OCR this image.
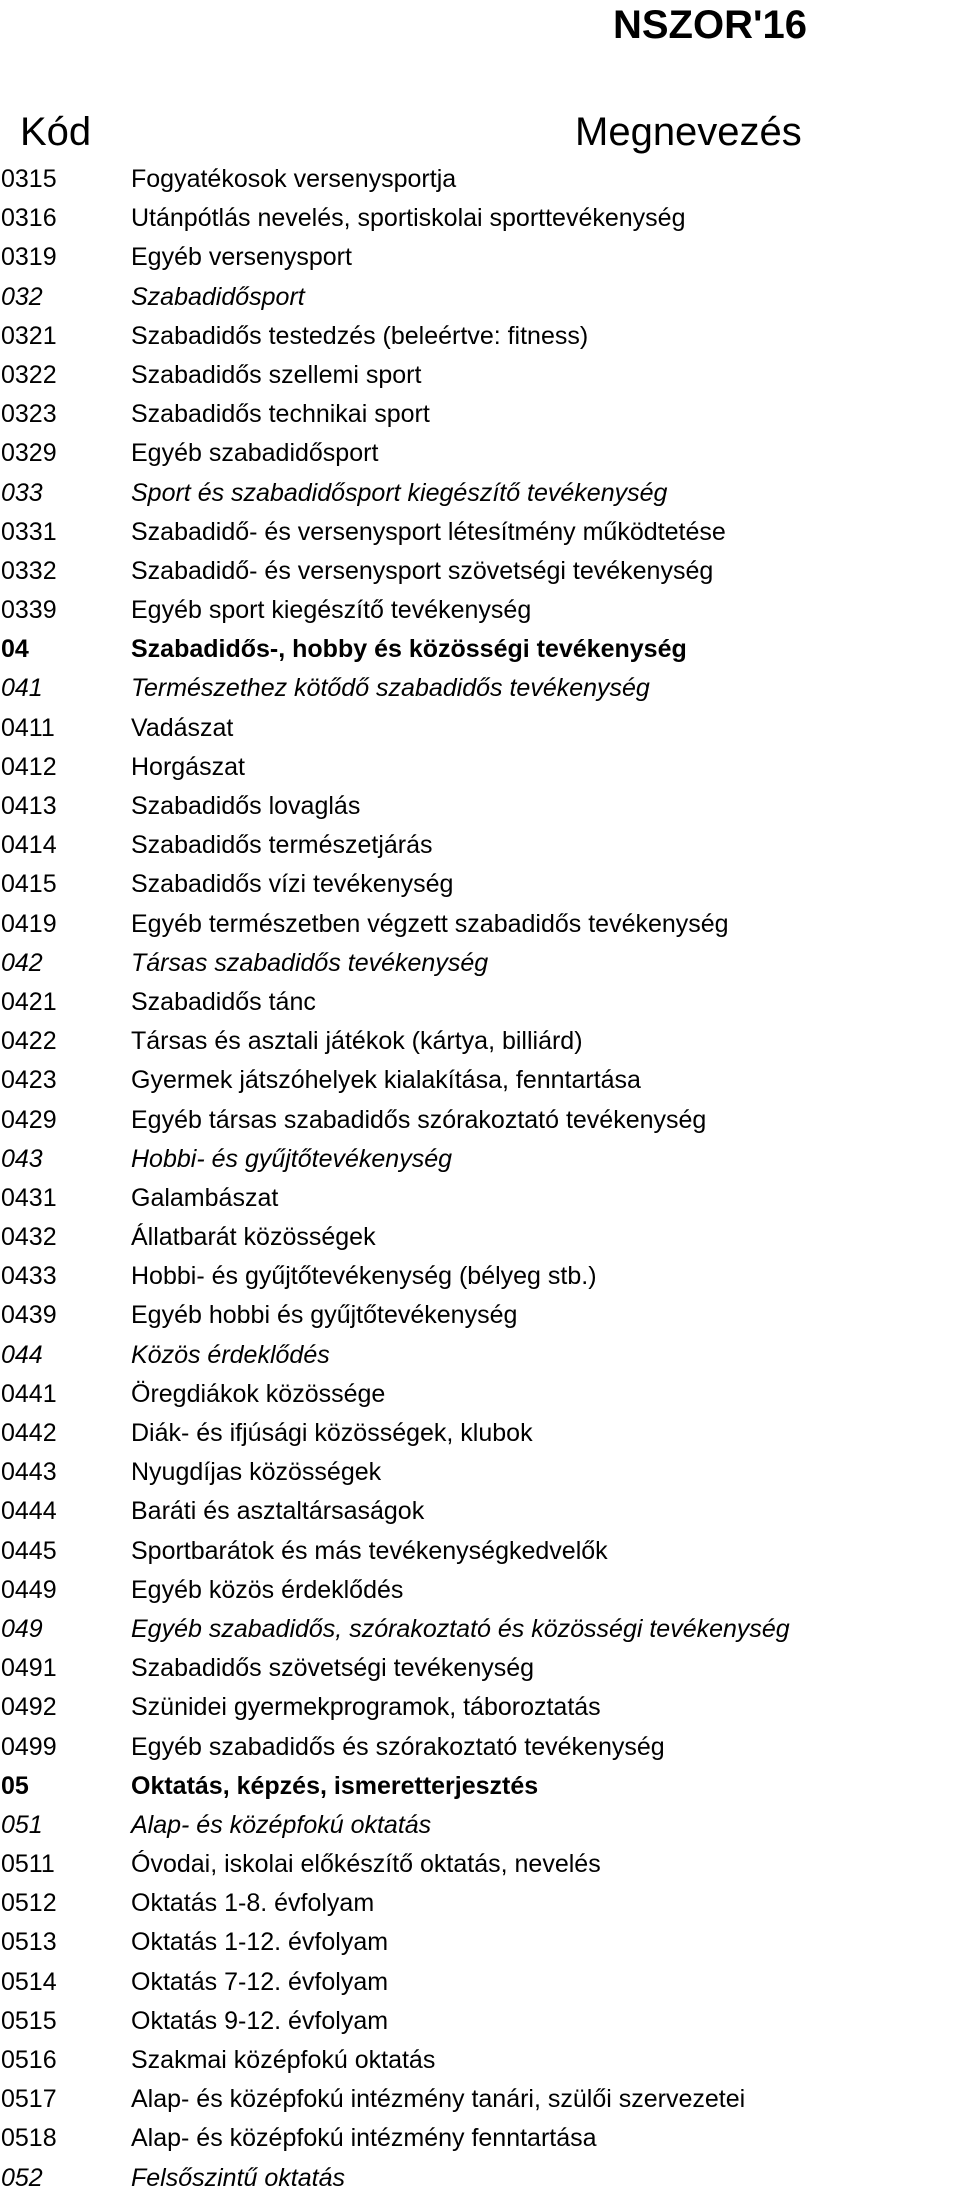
NSZOR'16
Kód	Megnevezés
0315	Fogyatékosok versenysportja
0316	Utánpótlás nevelés, sportiskolai sporttevékenység
0319	Egyéb versenysport
032	Szabadidősport
0321	Szabadidős testedzés (beleértve: fitness)
0322	Szabadidős szellemi sport
0323	Szabadidős technikai sport
0329	Egyéb szabadidősport
033	Sport és szabadidősport kiegészítő tevékenység
0331	Szabadidő- és versenysport létesítmény működtetése
0332	Szabadidő- és versenysport szövetségi tevékenység
0339	Egyéb sport kiegészítő tevékenység
04	Szabadidős-, hobby és közösségi tevékenység
041	Természethez kötődő szabadidős tevékenység
0411	Vadászat
0412	Horgászat
0413	Szabadidős lovaglás
0414	Szabadidős természetjárás
0415	Szabadidős vízi tevékenység
0419	Egyéb természetben végzett szabadidős tevékenység
042	Társas szabadidős tevékenység
0421	Szabadidős tánc
0422	Társas és asztali játékok (kártya, billiárd)
0423	Gyermek játszóhelyek kialakítása, fenntartása
0429	Egyéb társas szabadidős szórakoztató tevékenység
043	Hobbi- és gyűjtőtevékenység
0431	Galambászat
0432	Állatbarát közösségek
0433	Hobbi- és gyűjtőtevékenység (bélyeg stb.)
0439	Egyéb hobbi és gyűjtőtevékenység
044	Közös érdeklődés
0441	Öregdiákok közössége
0442	Diák- és ifjúsági közösségek, klubok
0443	Nyugdíjas közösségek
0444	Baráti és asztaltársaságok
0445	Sportbarátok és más tevékenységkedvelők
0449	Egyéb közös érdeklődés
049	Egyéb szabadidős, szórakoztató és közösségi tevékenység
0491	Szabadidős szövetségi tevékenység
0492	Szünidei gyermekprogramok, táboroztatás
0499	Egyéb szabadidős és szórakoztató tevékenység
05	Oktatás, képzés, ismeretterjesztés
051	Alap- és középfokú oktatás
0511	Óvodai, iskolai előkészítő oktatás, nevelés
0512	Oktatás 1-8. évfolyam
0513	Oktatás 1-12. évfolyam
0514	Oktatás 7-12. évfolyam
0515	Oktatás 9-12. évfolyam
0516	Szakmai középfokú oktatás
0517	Alap- és középfokú intézmény tanári, szülői szervezetei
0518	Alap- és középfokú intézmény fenntartása
052	Felsőszintű oktatás
